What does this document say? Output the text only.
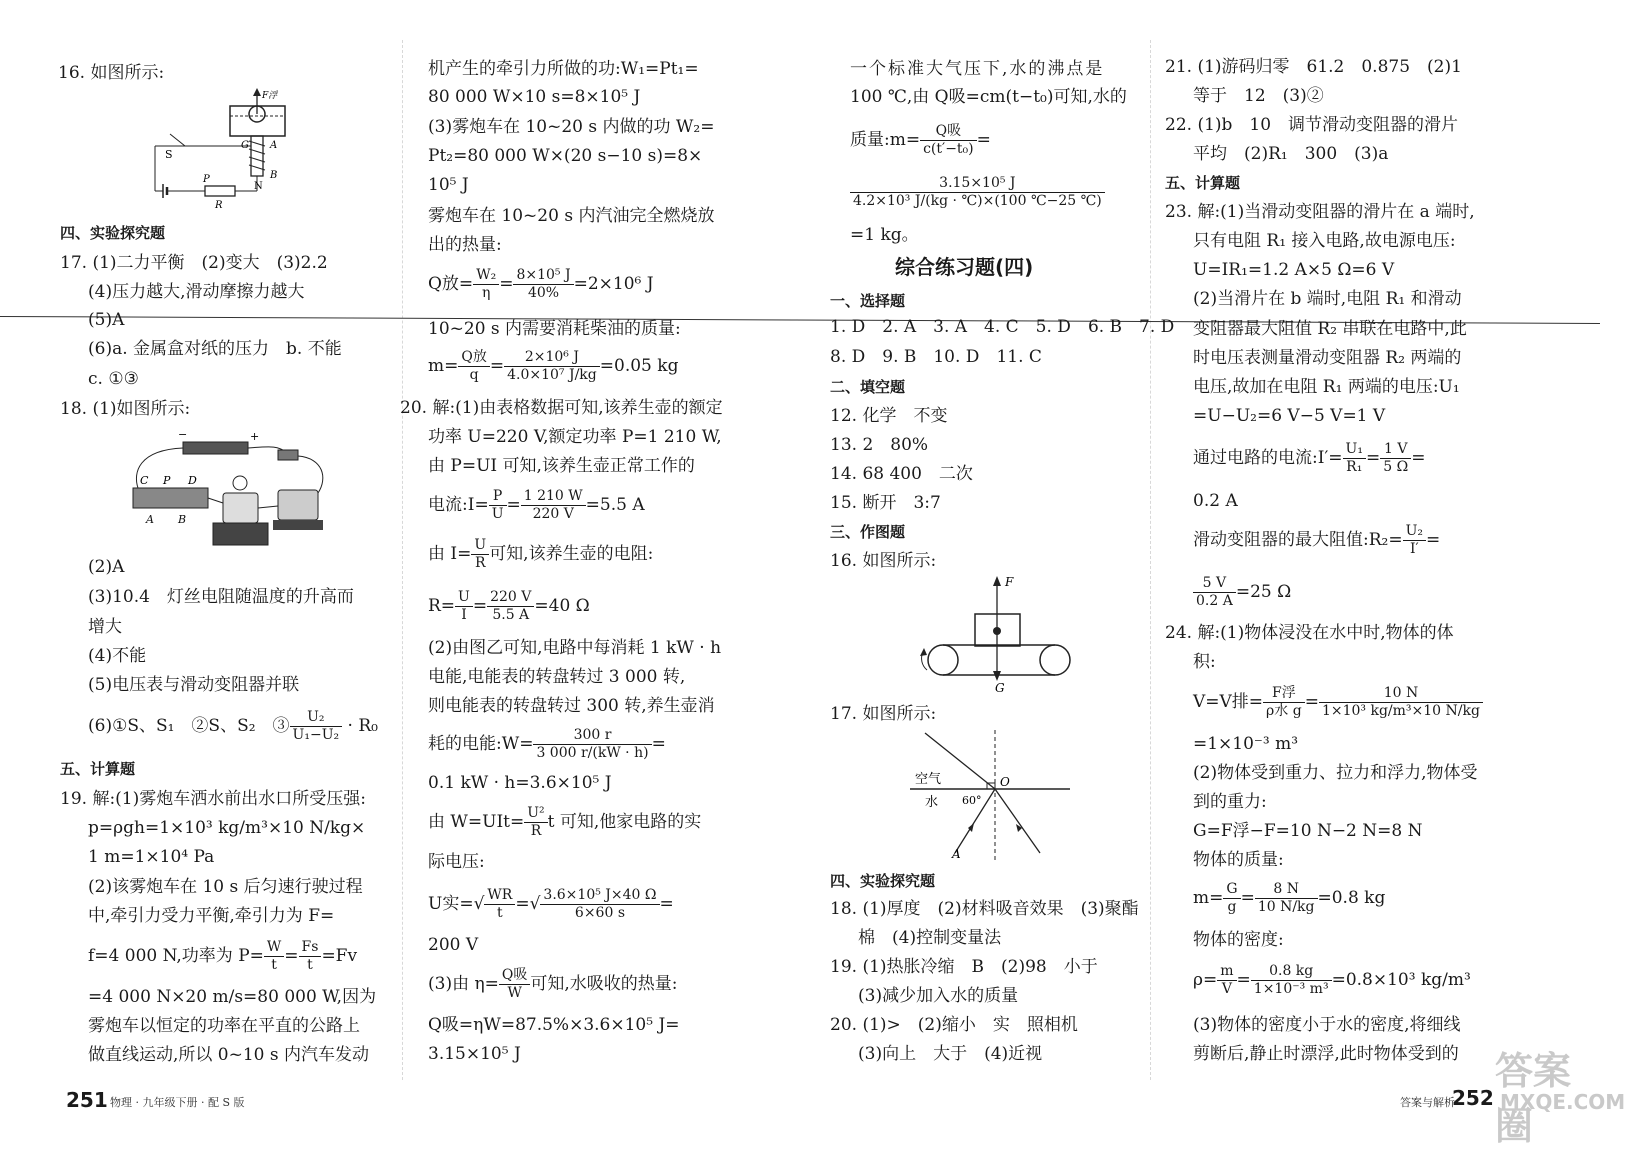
16. 如图所示:
F浮
S
G A
P	B
N
R
四、实验探究题
17. (1)二力平衡　(2)变大　(3)2.2
(4)压力越大,滑动摩擦力越大
(5)A
(6)a. 金属盒对纸的压力　b. 不能
c. ①③
18. (1)如图所示:
−	+
C P D
A B
(2)A
(3)10.4　灯丝电阻随温度的升高而
增大
(4)不能
(5)电压表与滑动变阻器并联
(6)①S、S₁　②S、S₂　③ $\frac{\text{U₂}}{\text{U₁−U₂}} \cdot R_0$
五、计算题
19. 解:(1)雾炮车洒水前出水口所受压强:
p=ρgh=1×10³ kg/m³×10 N/kg×
1 m=1×10⁴ Pa
(2)该雾炮车在 10 s 后匀速行驶过程
中,牵引力受力平衡,牵引力为 F=
f=4 000 N,功率为 $P= \frac{W}{t} = \frac{Fs}{t} =Fv$
=4 000 N×20 m/s=80 000 W,因为
雾炮车以恒定的功率在平直的公路上
做直线运动,所以 0~10 s 内汽车发动
机产生的牵引力所做的功:W₁=Pt₁=
80 000 W×10 s=8×10⁵ J
(3)雾炮车在 10~20 s 内做的功 W₂=
Pt₂=80 000 W×(20 s−10 s)=8×
10⁵ J
雾炮车在 10~20 s 内汽油完全燃烧放
出的热量:
Q放= $\frac{\text{W₂}}{\eta} = \frac{\text{8×10⁵ J}}{40\%} =2\times 10^6$ J
10~20 s 内需要消耗柴油的质量:
$m= \frac{\text{Q放}}{q} = \frac{\text{2×10⁶ J}}{\text{4.0×10⁷ J/kg}} =0.05$ kg
20. 解:(1)由表格数据可知,该养生壶的额定
功率 U=220 V,额定功率 P=1 210 W,
由 P=UI 可知,该养生壶正常工作的
电流:I= $\frac{P}{U} = \frac{1 210 W}{220 V} =5.5$ A
由 $I= \frac{U}{R}$ 可知,该养生壶的电阻:
$R= \frac{U}{I} = \frac{220 V}{5.5 A} =40$ Ω
(2)由图乙可知,电路中每消耗 1 kW · h
电能,电能表的转盘转过 3 000 转,
则电能表的转盘转过 300 转,养生壶消
耗的电能:W= $\frac{300 r}{3 000 r/(kW \cdot h)}$ =
0.1 kW · h=3.6×10⁵ J
由 $W=UIt= \frac{\text{U²}}{R}$ t 可知,他家电路的实
际电压:
U实=√ $\frac{WR}{t}$ =√ $\frac{\text{3.6×10⁵ J×40 Ω}}{6\times 60 s}$ =
200 V
(3)由 $\eta= \frac{\text{Q吸}}{W}$ 可知,水吸收的热量:
Q吸=ηW=87.5%×3.6×10⁵ J=
3.15×10⁵ J
一个标准大气压下,水的沸点是
100 ℃,由 Q吸=cm(t−t₀)可知,水的
质量:m= $\frac{\text{Q吸}}{\text{c(t′−t₀)}}$ =
$\frac{\text{3.15×10⁵ J}}{\text{4.2×10³ J/(kg · ℃)×(100 ℃−25 ℃)}}$
=1 kg。
综合练习题(四)
一、选择题
1. D　2. A　3. A　4. C　5. D　6. B　7. D
8. D　9. B　10. D　11. C
二、填空题
12. 化学　不变
13. 2　80%
14. 68 400　二次
15. 断开　3:7
三、作图题
16. 如图所示:
F
G
17. 如图所示:
空气
水
O
60°
A
四、实验探究题
18. (1)厚度　(2)材料吸音效果　(3)聚酯
棉　(4)控制变量法
19. (1)热胀冷缩　B　(2)98　小于
(3)减少加入水的质量
20. (1)>　(2)缩小　实　照相机
(3)向上　大于　(4)近视
21. (1)游码归零　61.2　0.875　(2)1
等于　12　(3)②
22. (1)b　10　调节滑动变阻器的滑片
平均　(2)R₁　300　(3)a
五、计算题
23. 解:(1)当滑动变阻器的滑片在 a 端时,
只有电阻 R₁ 接入电路,故电源电压:
U=IR₁=1.2 A×5 Ω=6 V
(2)当滑片在 b 端时,电阻 R₁ 和滑动
变阻器最大阻值 R₂ 串联在电路中,此
时电压表测量滑动变阻器 R₂ 两端的
电压,故加在电阻 R₁ 两端的电压:U₁
=U−U₂=6 V−5 V=1 V
通过电路的电流:I′= $\frac{\text{U₁}}{\text{R₁}} = \frac{1 V}{5 \Omega}$ =
0.2 A
滑动变阻器的最大阻值:R₂= $\frac{\text{U₂}}{I'}$ =
$\frac{5 V}{0.2 A} =25$ Ω
24. 解:(1)物体浸没在水中时,物体的体
积:
V=V排= $\frac{\text{F浮}}{\text{ρ水 g}} = \frac{10 N}{\text{1×10³ kg/m³×10 N/kg}}$
=1×10⁻³ m³
(2)物体受到重力、拉力和浮力,物体受
到的重力:
G=F浮−F=10 N−2 N=8 N
物体的质量:
$m= \frac{G}{g} = \frac{8 N}{10 N/kg} =0.8$ kg
物体的密度:
$\rho= \frac{m}{V} = \frac{0.8 kg}{\text{1×10⁻³ m³}} =0.8\times 10^3$ kg/m³
(3)物体的密度小于水的密度,将细线
剪断后,静止时漂浮,此时物体受到的
251 物理 · 九年级下册 · 配 S 版	答案与解析
252
答案圈
MXQE.COM
